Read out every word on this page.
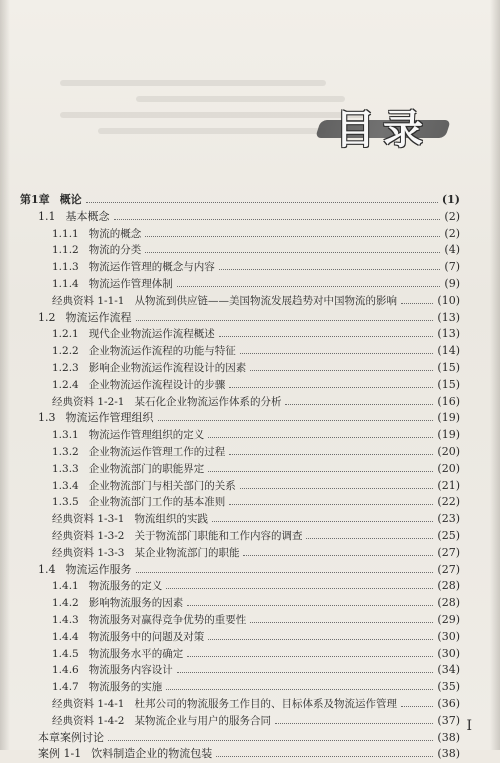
目录
第1章 概论	(1)
1.1 基本概念	(2)
1.1.1 物流的概念	(2)
1.1.2 物流的分类	(4)
1.1.3 物流运作管理的概念与内容	(7)
1.1.4 物流运作管理体制	(9)
经典资料 1-1-1 从物流到供应链——美国物流发展趋势对中国物流的影响	(10)
1.2 物流运作流程	(13)
1.2.1 现代企业物流运作流程概述	(13)
1.2.2 企业物流运作流程的功能与特征	(14)
1.2.3 影响企业物流运作流程设计的因素	(15)
1.2.4 企业物流运作流程设计的步骤	(15)
经典资料 1-2-1 某石化企业物流运作体系的分析	(16)
1.3 物流运作管理组织	(19)
1.3.1 物流运作管理组织的定义	(19)
1.3.2 企业物流运作管理工作的过程	(20)
1.3.3 企业物流部门的职能界定	(20)
1.3.4 企业物流部门与相关部门的关系	(21)
1.3.5 企业物流部门工作的基本准则	(22)
经典资料 1-3-1 物流组织的实践	(23)
经典资料 1-3-2 关于物流部门职能和工作内容的调查	(25)
经典资料 1-3-3 某企业物流部门的职能	(27)
1.4 物流运作服务	(27)
1.4.1 物流服务的定义	(28)
1.4.2 影响物流服务的因素	(28)
1.4.3 物流服务对赢得竞争优势的重要性	(29)
1.4.4 物流服务中的问题及对策	(30)
1.4.5 物流服务水平的确定	(30)
1.4.6 物流服务内容设计	(34)
1.4.7 物流服务的实施	(35)
经典资料 1-4-1 杜邦公司的物流服务工作目的、目标体系及物流运作管理	(36)
经典资料 1-4-2 某物流企业与用户的服务合同	(37)
本章案例讨论	(38)
案例 1-1 饮料制造企业的物流包装	(38)
I
